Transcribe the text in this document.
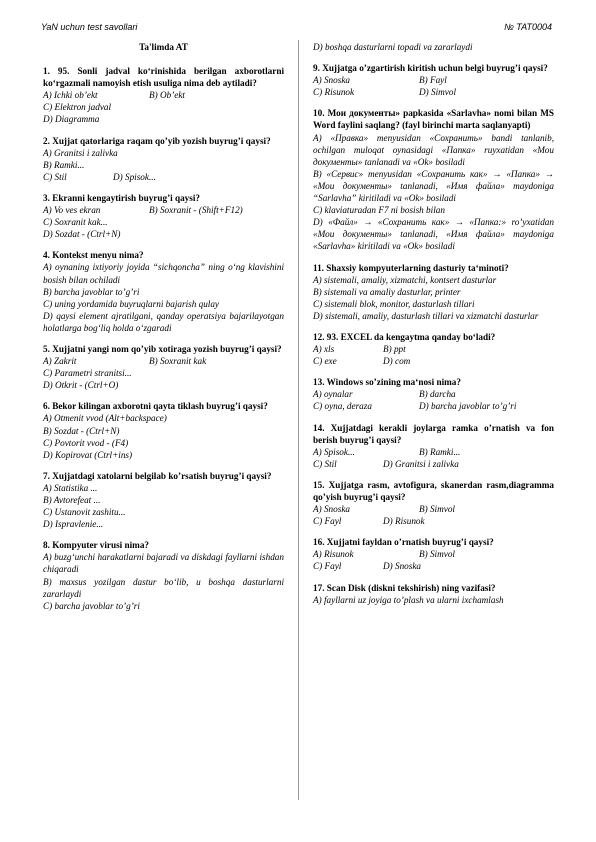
YaN uchun test savollari	№ TAT0004
Ta'limda AT
1. 95. Sonli jadval ko‘rinishida berilgan axborotlarni ko‘rgazmali namoyish etish usuliga nima deb aytiladi?
A) Ichki ob’ekt	B) Ob’ekt
C) Elektron jadval
D) Diagramma
2. Xujjat qatorlariga raqam qo’yib yozish buyrug’i qaysi?
A) Granitsi i zalivka
B) Ramki...
C) Stil	D) Spisok...
3. Ekranni kengaytirish buyrug’i qaysi?
A) Vo ves ekran	B) Soxranit - (Shift+F12)
C) Soxranit kak...
D) Sozdat - (Ctrl+N)
4. Kontekst menyu nima?
A) oynaning ixtiyoriy joyida “sichqoncha” ning o‘ng klavishini bosish bilan ochiladi
B) barcha javoblar to’g’ri
C) uning yordamida buyruqlarni bajarish qulay
D) qaysi element ajratilgani, qanday operatsiya bajarilayotgan holatlarga bog‘liq holda o‘zgaradi
5. Xujjatni yangi nom qo’yib xotiraga yozish buyrug’i qaysi?
A) Zakrit	B) Soxranit kak
C) Parametri stranitsi...
D) Otkrit - (Ctrl+O)
6. Bekor kilingan axborotni qayta tiklash buyrug’i qaysi?
A) Otmenit vvod (Alt+backspace)
B) Sozdat - (Ctrl+N)
C) Povtorit vvod - (F4)
D) Kopirovat (Ctrl+ins)
7. Xujjatdagi xatolarni belgilab ko’rsatish buyrug’i qaysi?
A) Statistika ...
B) Avtorefeat ...
C) Ustanovit zashitu...
D) Ispravlenie...
8. Kompyuter virusi nima?
A) buzg‘unchi harakatlarni bajaradi va diskdagi fayllarni ishdan chiqaradi
B) maxsus yozilgan dastur bo‘lib, u boshqa dasturlarni zararlaydi
C) barcha javoblar to’g’ri
D) boshqa dasturlarni topadi va zararlaydi
9. Xujjatga o’zgartirish kiritish uchun belgi buyrug’i qaysi?
A) Snoska	B) Fayl
C) Risunok	D) Simvol
10. Мои документы» papkasida «Sarlavha» nomi bilan MS Word faylini saqlang? (fayl birinchi marta saqlanyapti)
A) «Правка» menyusidan «Сохранить» bandi tanlanib, ochilgan muloqat oynasidagi «Папка» ruyxatidan «Мои документы» tanlanadi va «Ok» bosiladi
B) «Сервис» menyusidan «Сохранить как» → «Папка» → «Мои документы» tanlanadi, «Имя файла» maydoniga “Sarlavha” kiritiladi va «Ok» bosiladi
C) klaviaturadan F7 ni bosish bilan
D) «Файл» → «Сохранить как» → «Папка:» ro’yxatidan «Мои документы» tanlanadi, «Имя файла» maydoniga «Sarlavha» kiritiladi va «Ok» bosiladi
11. Shaxsiy kompyuterlarning dasturiy ta‘minoti?
A) sistemali, amaliy, xizmatchi, kontsert dasturlar
B) sistemali va amaliy dasturlar, printer
C) sistemali blok, monitor, dasturlash tillari
D) sistemali, amaliy, dasturlash tillari va xizmatchi dasturlar
12. 93. EXCEL da kengaytma qanday bo‘ladi?
A) xls	B) ppt
C) exe	D) com
13. Windows so’zining ma‘nosi nima?
A) oynalar	B) darcha
C) oyna, deraza	D) barcha javoblar to’g’ri
14. Xujjatdagi kerakli joylarga ramka o’rnatish va fon berish buyrug’i qaysi?
A) Spisok...	B) Ramki...
C) Stil	D) Granitsi i zalivka
15. Xujjatga rasm, avtofigura, skanerdan rasm,diagramma qo’yish buyrug’i qaysi?
A) Snoska	B) Simvol
C) Fayl	D) Risunok
16. Xujjatni fayldan o’rnatish buyrug’i qaysi?
A) Risunok	B) Simvol
C) Fayl	D) Snoska
17. Scan Disk (diskni tekshirish) ning vazifasi?
A) fayllarni uz joyiga to’plash va ularni ixchamlash
